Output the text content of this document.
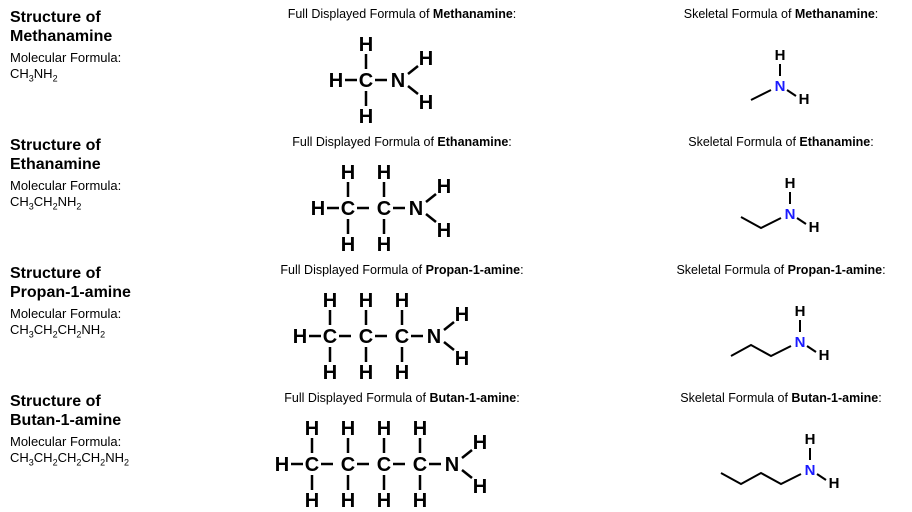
Structure of
Methanamine
Molecular Formula:
$CH_3NH_2$
Full Displayed Formula of Methanamine:	Skeletal Formula of Methanamine:
H C
H
H
N
H
H
N
H
H
Structure of
Ethanamine
Molecular Formula:
$CH_3CH_2NH_2$
Full Displayed Formula of Ethanamine:	Skeletal Formula of Ethanamine:
H C
H
H
C
H
H
N
H
H
N
H
H
Structure of
Propan-1-amine
Molecular Formula:
$CH_3CH_2CH_2NH_2$
Full Displayed Formula of Propan-1-amine:	Skeletal Formula of Propan-1-amine:
H C
H
H
C
H
H
C
H
H
N
H
H
N
H
H
Structure of
Butan-1-amine
Molecular Formula:
$CH_3CH_2CH_2CH_2NH_2$
Full Displayed Formula of Butan-1-amine:	Skeletal Formula of Butan-1-amine:
H C
H
H
C
H
H
C
H
H
C
H
H
N
H
H
N
H
H
